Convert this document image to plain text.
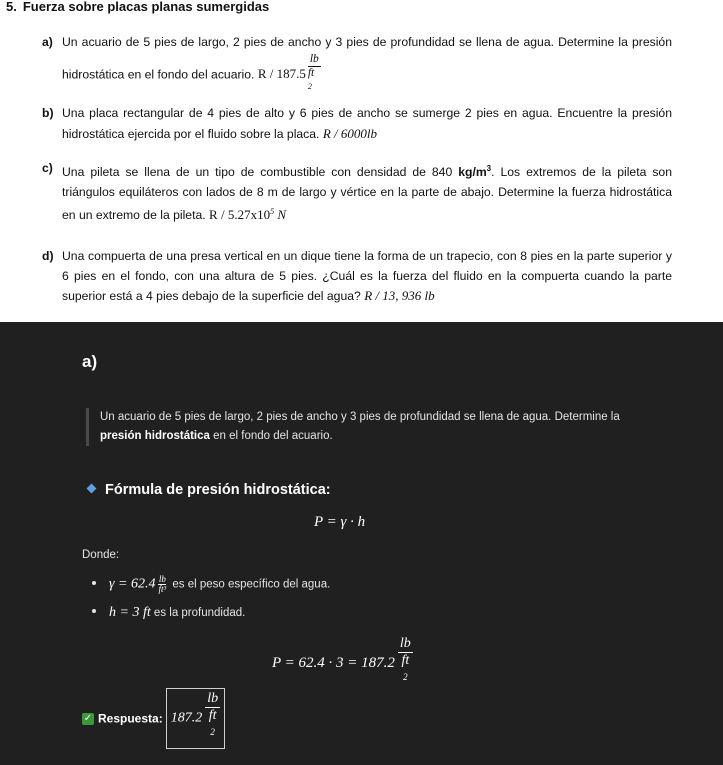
5. Fuerza sobre placas planas sumergidas
a) Un acuario de 5 pies de largo, 2 pies de ancho y 3 pies de profundidad se llena de agua. Determine la presión hidrostática en el fondo del acuario. R / 187.5 lb
ft
$^2$
b) Una placa rectangular de 4 pies de alto y 6 pies de ancho se sumerge 2 pies en agua. Encuentre la presión hidrostática ejercida por el fluido sobre la placa. R / 6000lb
c) Una pileta se llena de un tipo de combustible con densidad de 840 $kg/m^3$. Los extremos de la pileta son triángulos equiláteros con lados de 8 m de largo y vértice en la parte de abajo. Determine la fuerza hidrostática en un extremo de la pileta. R / $5.27x10^5$ N
d) Una compuerta de una presa vertical en un dique tiene la forma de un trapecio, con 8 pies en la parte superior y 6 pies en el fondo, con una altura de 5 pies. ¿Cuál es la fuerza del fluido en la compuerta cuando la parte superior está a 4 pies debajo de la superficie del agua? R / 13, 936 lb
a)
Un acuario de 5 pies de largo, 2 pies de ancho y 3 pies de profundidad se llena de agua. Determine la presión hidrostática en el fondo del acuario.
Fórmula de presión hidrostática:
P = γ · h
Donde:
$\gamma = 62.4 \frac{lb}{\text{ft³}}$ es el peso específico del agua.
h = 3 ft es la profundidad.
P = 62.4 · 3 = 187.2 lb
ft
$^2$
✓ Respuesta: 187.2 lb
ft
$^2$
